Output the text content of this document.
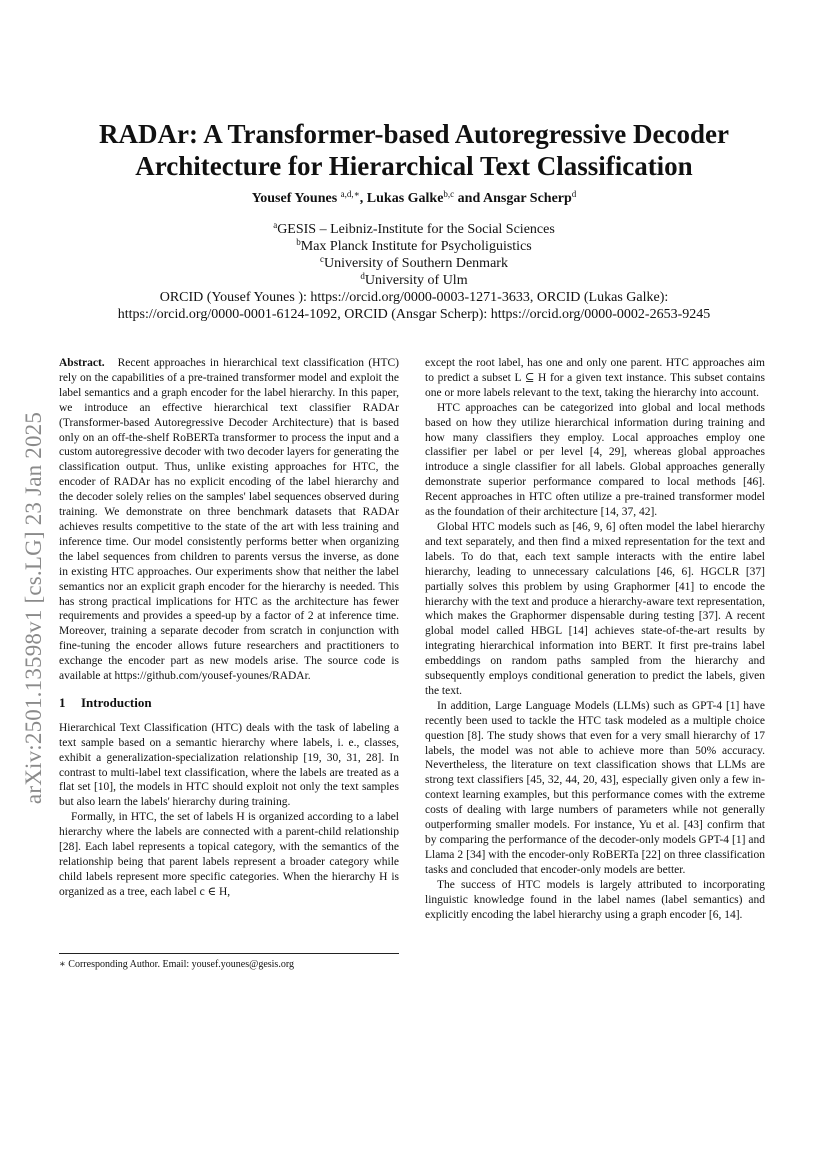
arXiv:2501.13598v1 [cs.LG] 23 Jan 2025
RADAr: A Transformer-based Autoregressive Decoder Architecture for Hierarchical Text Classification
Yousef Younes $^{a,d,∗}$, Lukas Galke$^{b,c}$ and Ansgar Scherp$^d$
$^a$GESIS – Leibniz-Institute for the Social Sciences
$^b$Max Planck Institute for Psycholiguistics
$^c$University of Southern Denmark
$^d$University of Ulm
ORCID (Yousef Younes ): https://orcid.org/0000-0003-1271-3633, ORCID (Lukas Galke):
https://orcid.org/0000-0001-6124-1092, ORCID (Ansgar Scherp): https://orcid.org/0000-0002-2653-9245

Abstract. Recent approaches in hierarchical text classification (HTC) rely on the capabilities of a pre-trained transformer model and exploit the label semantics and a graph encoder for the label hierarchy. In this paper, we introduce an effective hierarchical text classifier RADAr (Transformer-based Autoregressive Decoder Architecture) that is based only on an off-the-shelf RoBERTa transformer to process the input and a custom autoregressive decoder with two decoder layers for generating the classification output. Thus, unlike existing approaches for HTC, the encoder of RADAr has no explicit encoding of the label hierarchy and the decoder solely relies on the samples' label sequences observed during training. We demonstrate on three benchmark datasets that RADAr achieves results competitive to the state of the art with less training and inference time. Our model consistently performs better when organizing the label sequences from children to parents versus the inverse, as done in existing HTC approaches. Our experiments show that neither the label semantics nor an explicit graph encoder for the hierarchy is needed. This has strong practical implications for HTC as the architecture has fewer requirements and provides a speed-up by a factor of 2 at inference time. Moreover, training a separate decoder from scratch in conjunction with fine-tuning the encoder allows future researchers and practitioners to exchange the encoder part as new models arise. The source code is available at https://github.com/yousef-younes/RADAr.

1 Introduction

Hierarchical Text Classification (HTC) deals with the task of labeling a text sample based on a semantic hierarchy where labels, i. e., classes, exhibit a generalization-specialization relationship [19, 30, 31, 28]. In contrast to multi-label text classification, where the labels are treated as a flat set [10], the models in HTC should exploit not only the text samples but also learn the labels' hierarchy during training.

Formally, in HTC, the set of labels H is organized according to a label hierarchy where the labels are connected with a parent-child relationship [28]. Each label represents a topical category, with the semantics of the relationship being that parent labels represent a broader category while child labels represent more specific categories. When the hierarchy H is organized as a tree, each label c ∈ H,

∗ Corresponding Author. Email: yousef.younes@gesis.org

except the root label, has one and only one parent. HTC approaches aim to predict a subset L ⊆ H for a given text instance. This subset contains one or more labels relevant to the text, taking the hierarchy into account.

HTC approaches can be categorized into global and local methods based on how they utilize hierarchical information during training and how many classifiers they employ. Local approaches employ one classifier per label or per level [4, 29], whereas global approaches introduce a single classifier for all labels. Global approaches generally demonstrate superior performance compared to local methods [46]. Recent approaches in HTC often utilize a pre-trained transformer model as the foundation of their architecture [14, 37, 42].

Global HTC models such as [46, 9, 6] often model the label hierarchy and text separately, and then find a mixed representation for the text and labels. To do that, each text sample interacts with the entire label hierarchy, leading to unnecessary calculations [46, 6]. HGCLR [37] partially solves this problem by using Graphormer [41] to encode the hierarchy with the text and produce a hierarchy-aware text representation, which makes the Graphormer dispensable during testing [37]. A recent global model called HBGL [14] achieves state-of-the-art results by integrating hierarchical information into BERT. It first pre-trains label embeddings on random paths sampled from the hierarchy and subsequently employs conditional generation to predict the labels, given the text.

In addition, Large Language Models (LLMs) such as GPT-4 [1] have recently been used to tackle the HTC task modeled as a multiple choice question [8]. The study shows that even for a very small hierarchy of 17 labels, the model was not able to achieve more than 50% accuracy. Nevertheless, the literature on text classification shows that LLMs are strong text classifiers [45, 32, 44, 20, 43], especially given only a few in-context learning examples, but this performance comes with the extreme costs of dealing with large numbers of parameters while not generally outperforming smaller models. For instance, Yu et al. [43] confirm that by comparing the performance of the decoder-only models GPT-4 [1] and Llama 2 [34] with the encoder-only RoBERTa [22] on three classification tasks and concluded that encoder-only models are better.

The success of HTC models is largely attributed to incorporating linguistic knowledge found in the label names (label semantics) and explicitly encoding the label hierarchy using a graph encoder [6, 14].
